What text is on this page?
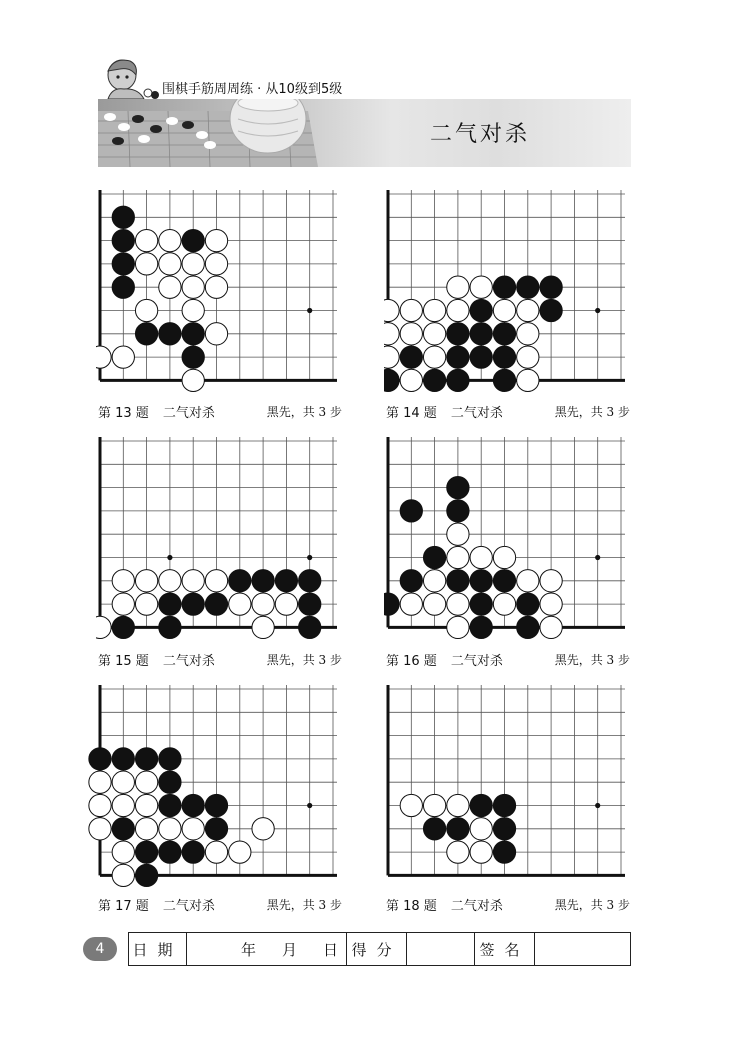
围棋手筋周周练 · 从10级到5级
二气对杀
第 13 题 二气对杀	黑先，共 3 步	第 14 题 二气对杀	黑先，共 3 步
第 15 题 二气对杀	黑先，共 3 步	第 16 题 二气对杀	黑先，共 3 步
第 17 题 二气对杀	黑先，共 3 步	第 18 题 二气对杀	黑先，共 3 步
4	日期	年 月 日 得分	签名
